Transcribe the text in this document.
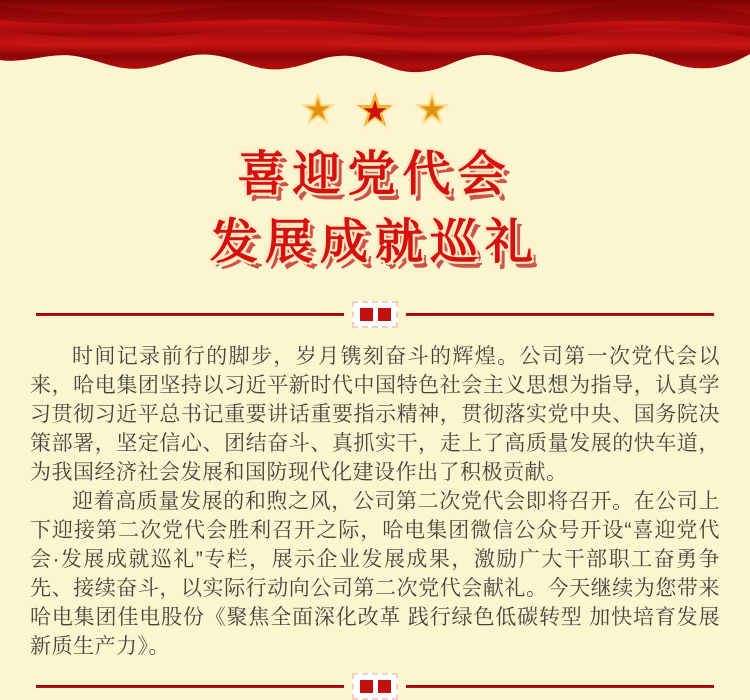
喜迎党代会
发展成就巡礼

时间记录前行的脚步，岁月镌刻奋斗的辉煌。公司第一次党代会以来，哈电集团坚持以习近平新时代中国特色社会主义思想为指导，认真学习贯彻习近平总书记重要讲话重要指示精神，贯彻落实党中央、国务院决策部署，坚定信心、团结奋斗、真抓实干，走上了高质量发展的快车道，为我国经济社会发展和国防现代化建设作出了积极贡献。

迎着高质量发展的和煦之风，公司第二次党代会即将召开。在公司上下迎接第二次党代会胜利召开之际，哈电集团微信公众号开设“喜迎党代会·发展成就巡礼”专栏，展示企业发展成果，激励广大干部职工奋勇争先、接续奋斗，以实际行动向公司第二次党代会献礼。今天继续为您带来哈电集团佳电股份《聚焦全面深化改革 践行绿色低碳转型 加快培育发展新质生产力》。
